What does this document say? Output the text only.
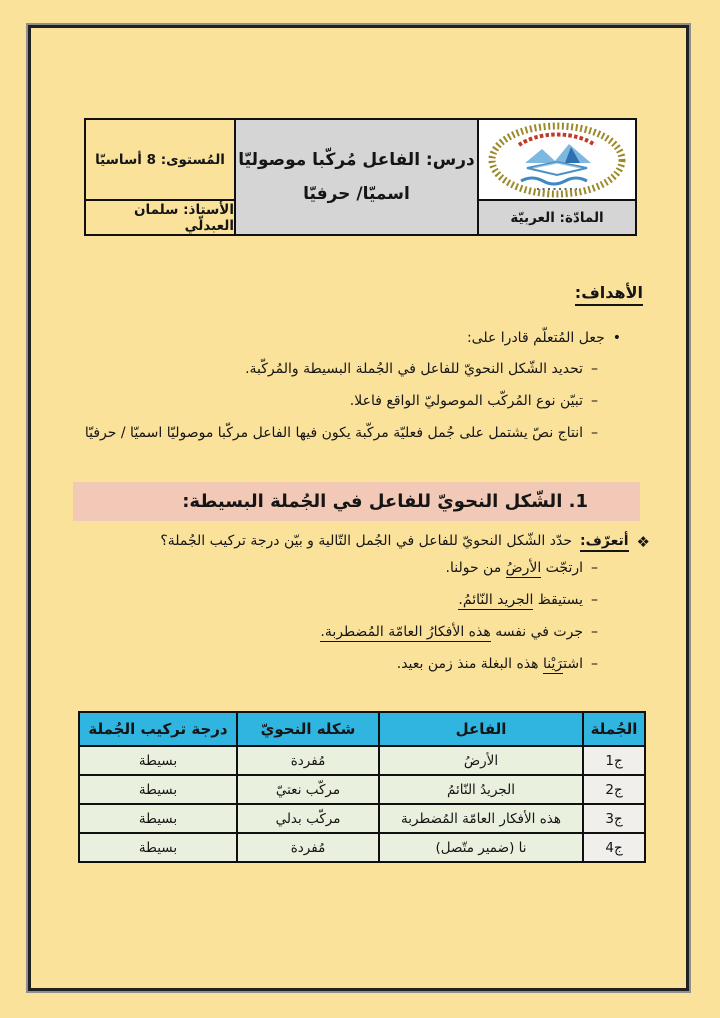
المُستوى: 8 أساسيّا
الأستاذ: سلمان العبدلّي
درس: الفاعل مُركّبا موصوليّا
اسميّا/ حرفيّا
المادّة: العربيّة
الأهداف:
•
جعل المُتعلّم قادرا على:
–
تحديد الشّكل النحويّ للفاعل في الجُملة البسيطة والمُركّبة.
–
تبيّن نوع المُركّب الموصوليّ الواقع فاعلا.
–
انتاج نصّ يشتمل على جُمل فعليّة مركّبة يكون فيها الفاعل مركّبا موصوليّا اسميّا / حرفيّا
1. الشّكل النحويّ للفاعل في الجُملة البسيطة:
❖
أتعرّف:
حدّد الشّكل النحويّ للفاعل في الجُمل التّالية و بيّن درجة تركيب الجُملة؟
–
ارتجّت الأرضُ من حولنا.
–
يستيقظ الجريد النّائمُ.
–
جرت في نفسه هذه الأفكارُ العامّة المُضطربة.
–
اشت‍‍رَيْنا هذه البغلة منذ زمن بعيد.
الجُملة	الفاعل	شكله النحويّ	درجة تركيب الجُملة
ج1	الأرضُ	مُفردة	بسيطة
ج2	الجريدُ النّائمُ	مركّب نعتيّ	بسيطة
ج3	هذه الأفكار العامّة المُضطربة	مركّب بدلي	بسيطة
ج4	نا (ضمير متّصل)	مُفردة	بسيطة
